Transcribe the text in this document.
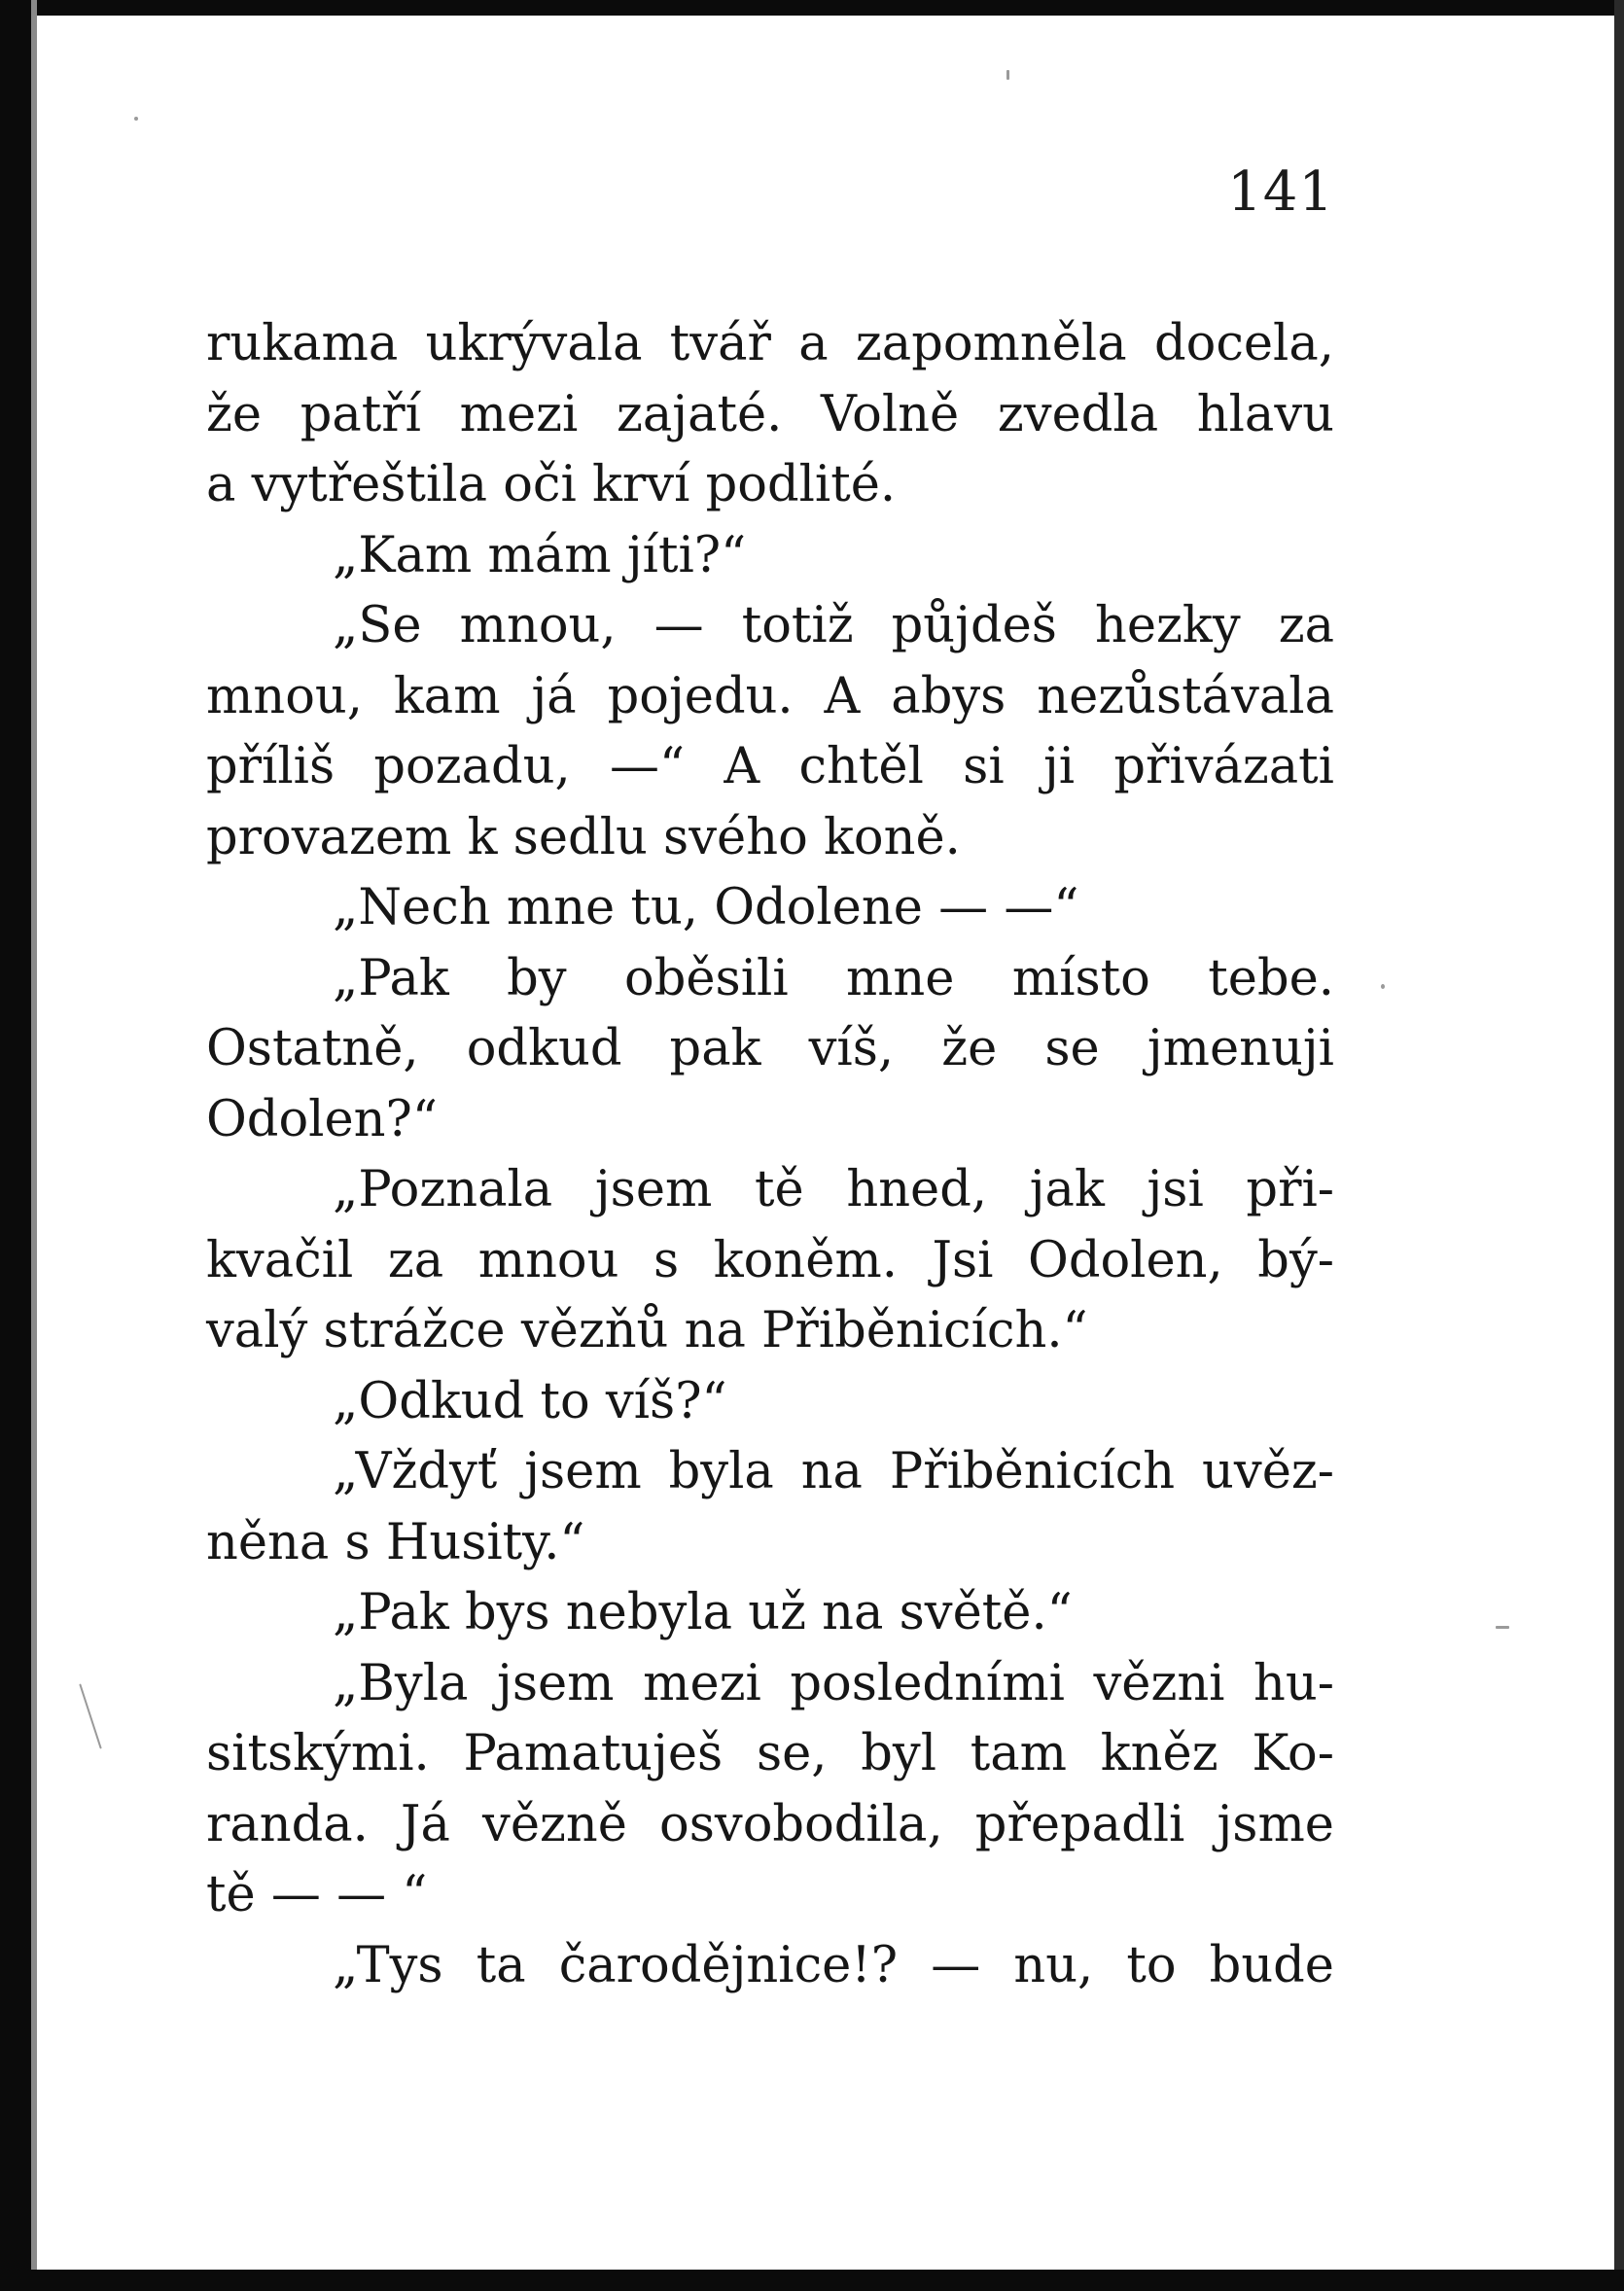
141
rukama ukrývala tvář a zapomněla docela,
že patří mezi zajaté. Volně zvedla hlavu
a vytřeštila oči krví podlité.
„Kam mám jíti?“
„Se mnou, — totiž půjdeš hezky za
mnou, kam já pojedu. A abys nezůstávala
příliš pozadu, —“ A chtěl si ji přivázati
provazem k sedlu svého koně.
„Nech mne tu, Odolene — —“
„Pak by oběsili mne místo tebe.
Ostatně, odkud pak víš, že se jmenuji
Odolen?“
„Poznala jsem tě hned, jak jsi při-
kvačil za mnou s koněm. Jsi Odolen, bý-
valý strážce vězňů na Přiběnicích.“
„Odkud to víš?“
„Vždyť jsem byla na Přiběnicích uvěz-
něna s Husity.“
„Pak bys nebyla už na světě.“
„Byla jsem mezi posledními vězni hu-
sitskými. Pamatuješ se, byl tam kněz Ko-
randa. Já vězně osvobodila, přepadli jsme
tě — — “
„Tys ta čarodějnice!? — nu, to bude
